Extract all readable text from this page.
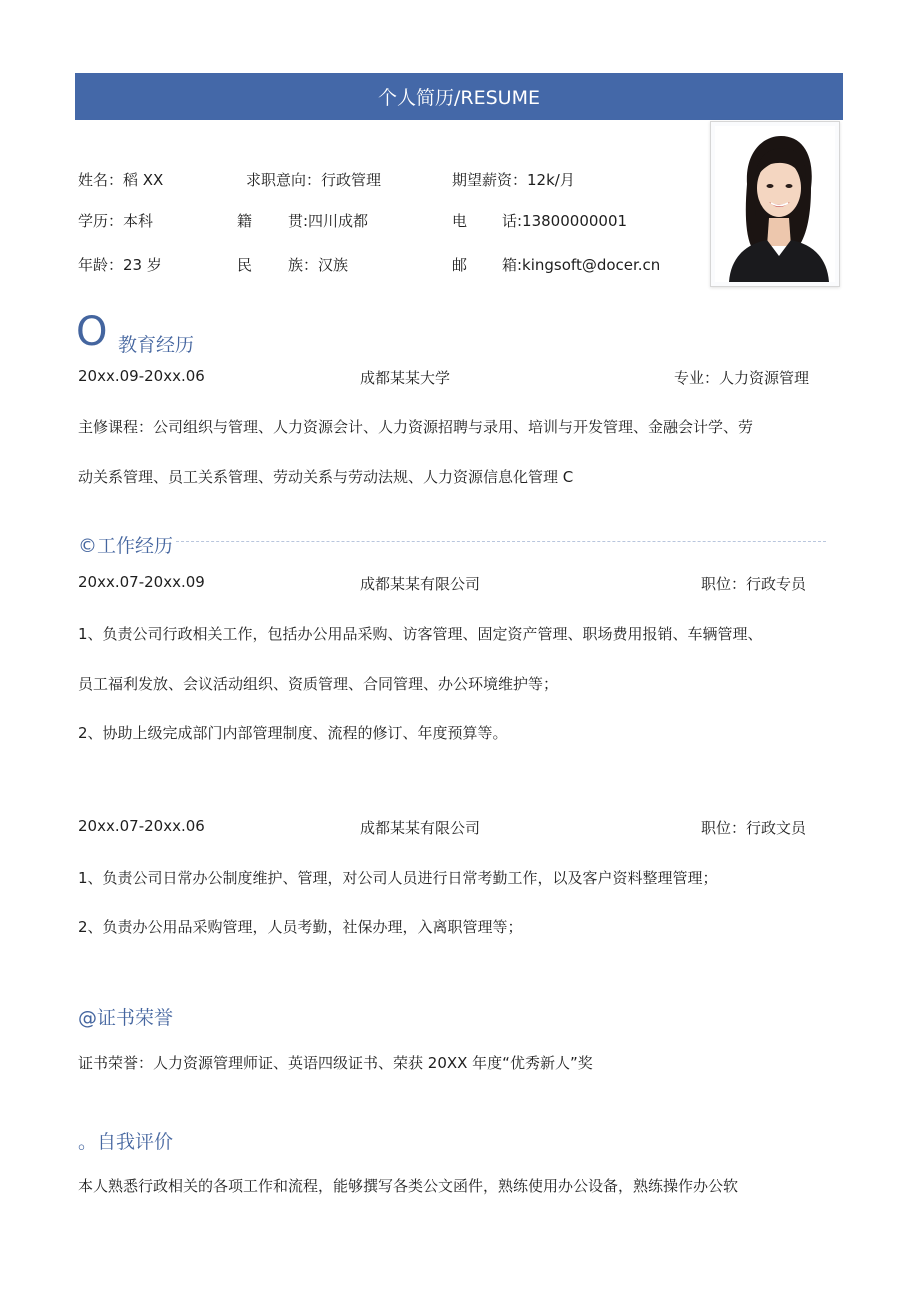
个人简历/RESUME
姓名：稻 XX	求职意向：行政管理	期望薪资：12k/月
学历：本科	籍 贯:四川成都	电 话:13800000001
年龄：23 岁	民 族：汉族	邮 箱:kingsoft@docer.cn
O 教育经历
20xx.09-20xx.06	成都某某大学	专业：人力资源管理
主修课程：公司组织与管理、人力资源会计、人力资源招聘与录用、培训与开发管理、金融会计学、劳
动关系管理、员工关系管理、劳动关系与劳动法规、人力资源信息化管理 C
©工作经历
20xx.07-20xx.09	成都某某有限公司	职位：行政专员
1、负责公司行政相关工作，包括办公用品采购、访客管理、固定资产管理、职场费用报销、车辆管理、
员工福利发放、会议活动组织、资质管理、合同管理、办公环境维护等；
2、协助上级完成部门内部管理制度、流程的修订、年度预算等。
20xx.07-20xx.06	成都某某有限公司	职位：行政文员
1、负责公司日常办公制度维护、管理，对公司人员进行日常考勤工作，以及客户资料整理管理；
2、负责办公用品采购管理，人员考勤，社保办理，入离职管理等；
@证书荣誉
证书荣誉：人力资源管理师证、英语四级证书、荣获 20XX 年度“优秀新人”奖
。自我评价
本人熟悉行政相关的各项工作和流程，能够撰写各类公文函件，熟练使用办公设备，熟练操作办公软
